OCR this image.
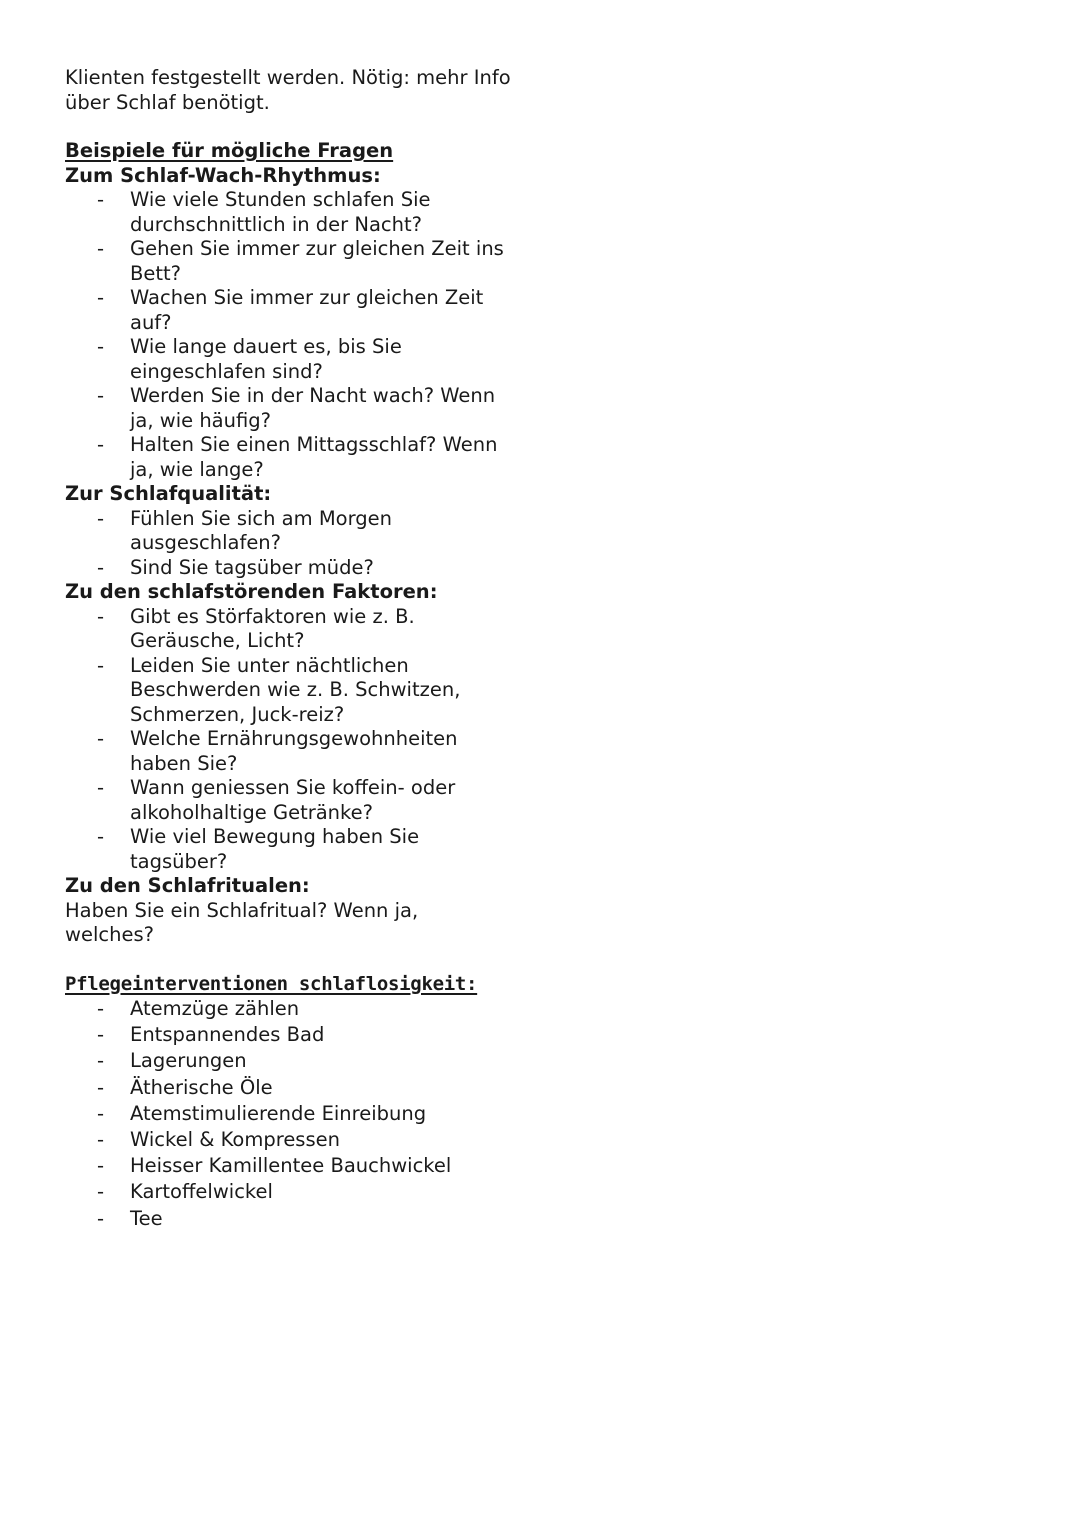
Klienten festgestellt werden. Nötig: mehr Info
über Schlaf benötigt.

Beispiele für mögliche Fragen
Zum Schlaf-Wach-Rhythmus:
- Wie viele Stunden schlafen Sie
durchschnittlich in der Nacht?
- Gehen Sie immer zur gleichen Zeit ins
Bett?
- Wachen Sie immer zur gleichen Zeit
auf?
- Wie lange dauert es, bis Sie
eingeschlafen sind?
- Werden Sie in der Nacht wach? Wenn
ja, wie häufig?
- Halten Sie einen Mittagsschlaf? Wenn
ja, wie lange?
Zur Schlafqualität:
- Fühlen Sie sich am Morgen
ausgeschlafen?
- Sind Sie tagsüber müde?
Zu den schlafstörenden Faktoren:
- Gibt es Störfaktoren wie z. B.
Geräusche, Licht?
- Leiden Sie unter nächtlichen
Beschwerden wie z. B. Schwitzen,
Schmerzen, Juck-reiz?
- Welche Ernährungsgewohnheiten
haben Sie?
- Wann geniessen Sie koffein- oder
alkoholhaltige Getränke?
- Wie viel Bewegung haben Sie
tagsüber?
Zu den Schlafritualen:

Haben Sie ein Schlafritual? Wenn ja,
welches?

Pflegeinterventionen schlaflosigkeit:
- Atemzüge zählen
- Entspannendes Bad
- Lagerungen
- Ätherische Öle
- Atemstimulierende Einreibung
- Wickel & Kompressen
- Heisser Kamillentee Bauchwickel
- Kartoffelwickel
- Tee
